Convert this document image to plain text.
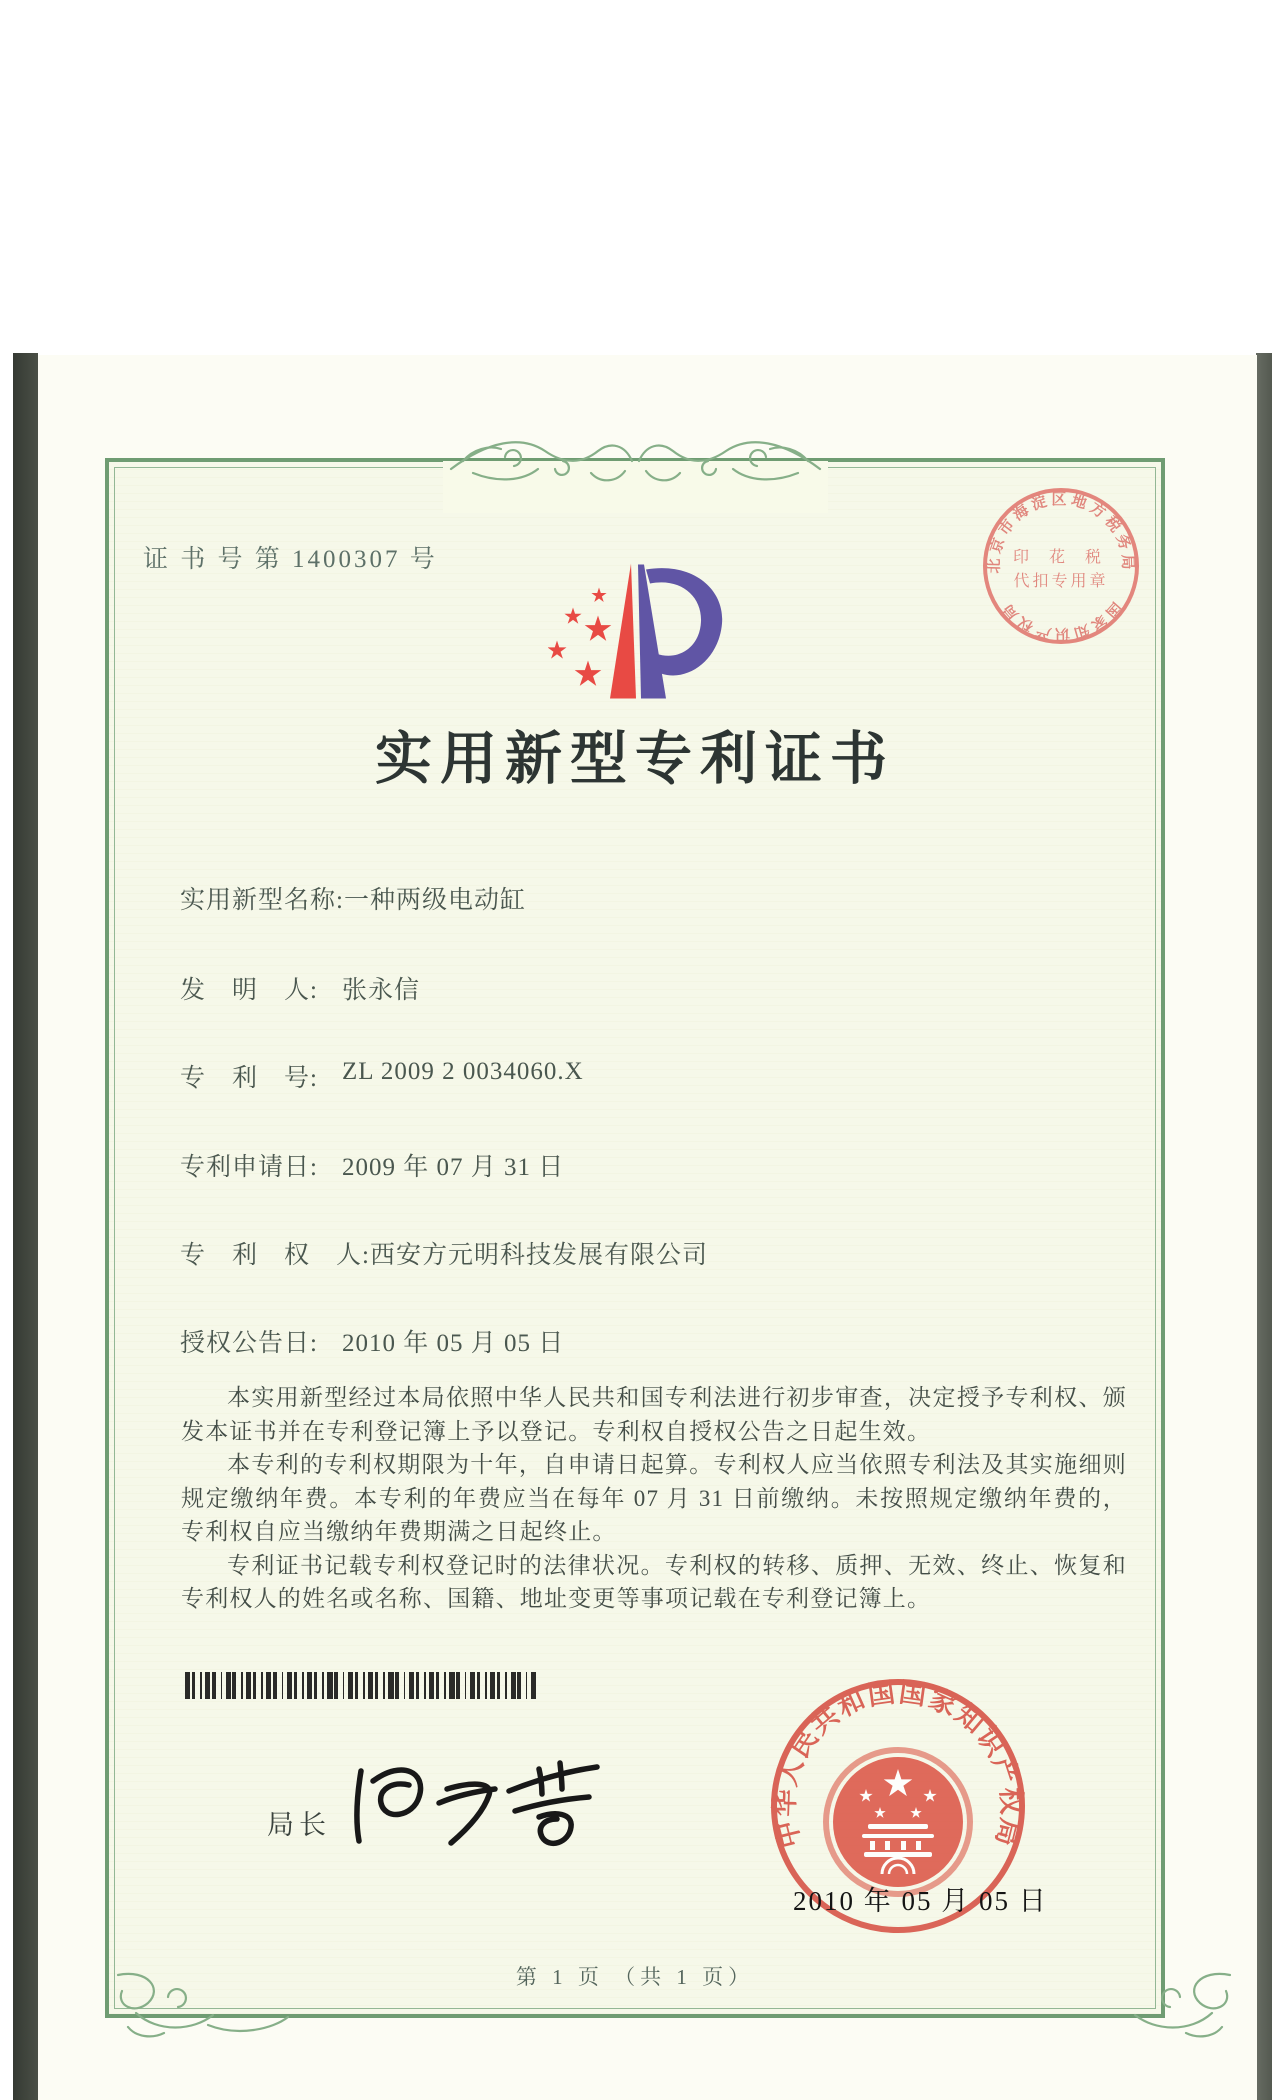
证 书 号 第 1400307 号	北京市海淀区地方税务局
国家知识产权局
印 花 税
代扣专用章
实用新型专利证书
实用新型名称: 一种两级电动缸
发　明　人: 张永信
专　利　号: ZL 2009 2 0034060.X
专利申请日: 2009 年 07 月 31 日
专　利　权　人: 西安方元明科技发展有限公司
授权公告日: 2010 年 05 月 05 日

本实用新型经过本局依照中华人民共和国专利法进行初步审查，决定授予专利权、颁发本证书并在专利登记簿上予以登记。专利权自授权公告之日起生效。

本专利的专利权期限为十年，自申请日起算。专利权人应当依照专利法及其实施细则规定缴纳年费。本专利的年费应当在每年 07 月 31 日前缴纳。未按照规定缴纳年费的，专利权自应当缴纳年费期满之日起终止。

专利证书记载专利权登记时的法律状况。专利权的转移、质押、无效、终止、恢复和专利权人的姓名或名称、国籍、地址变更等事项记载在专利登记簿上。

局长	中华人民共和国国家知识产权局
2010 年 05 月 05 日
第 1 页 （共 1 页）
